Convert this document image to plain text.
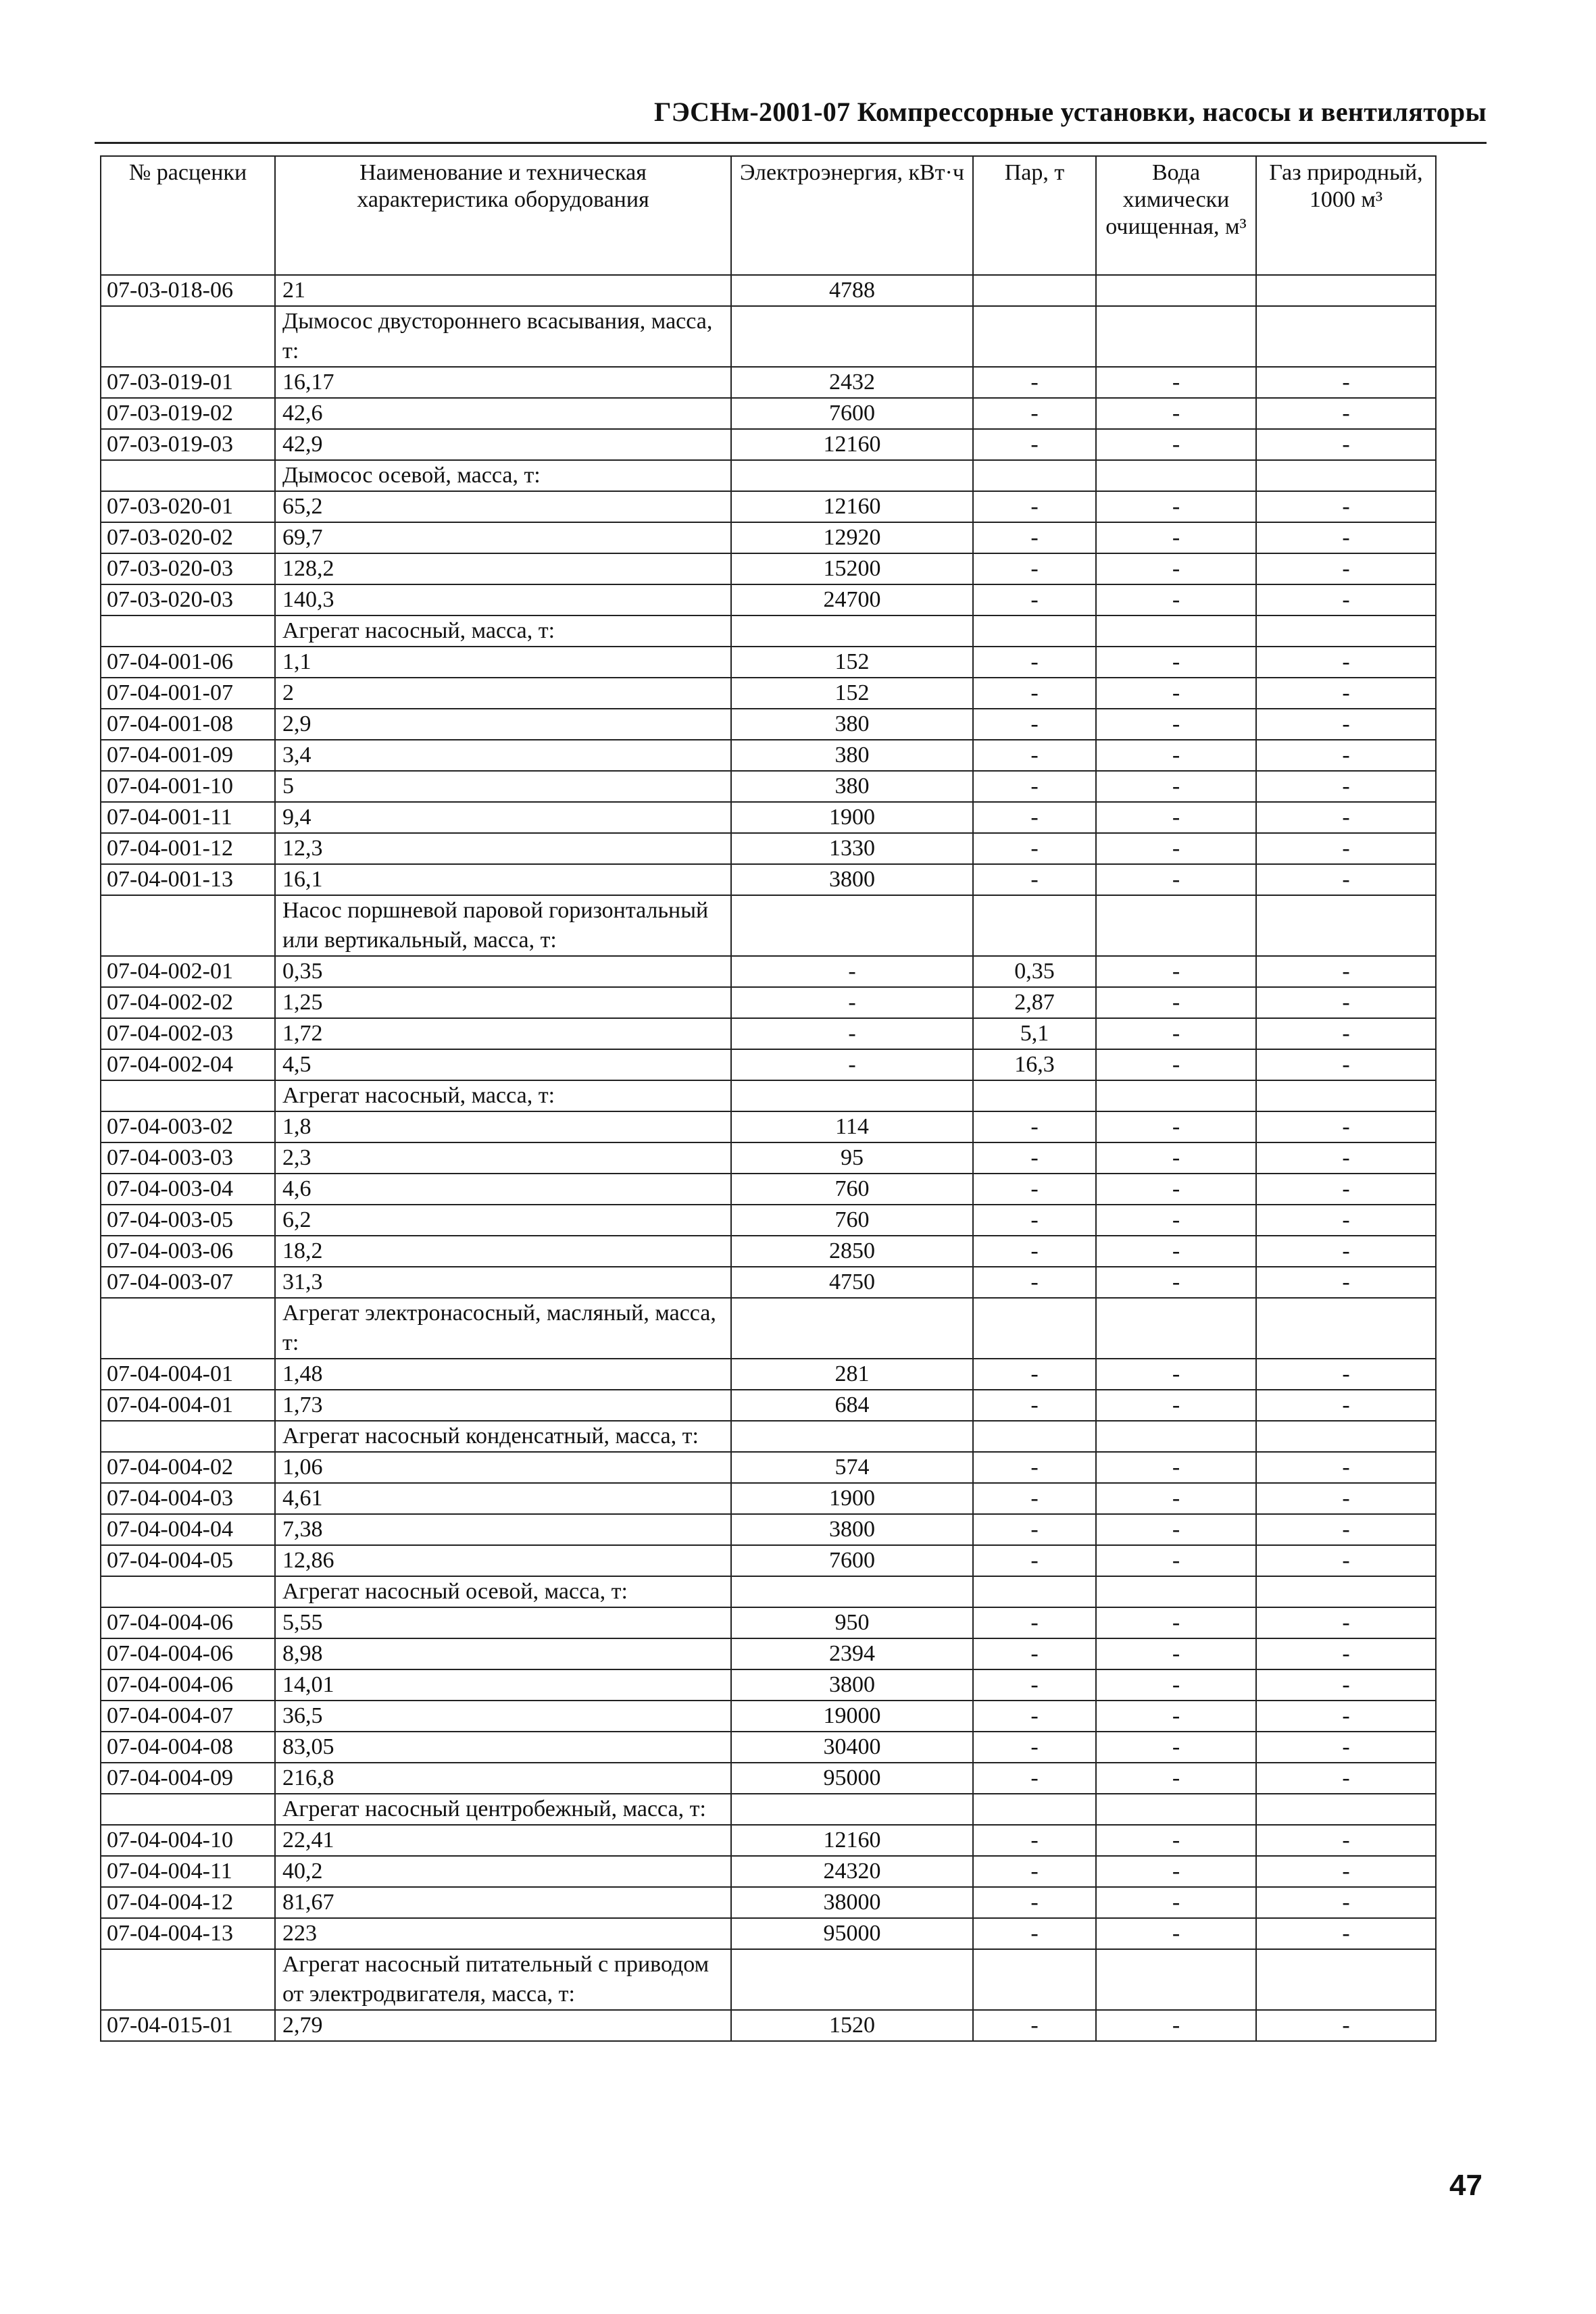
ГЭСНм-2001-07 Компрессорные установки, насосы и вентиляторы
№ расценки	Наименование и техническая характеристика оборудования	Электроэнергия, кВт·ч	Пар, т	Вода химически очищенная, м³	Газ природный, 1000 м³
07-03-018-06	21	4788			
	Дымосос двустороннего всасывания, масса, т:				
07-03-019-01	16,17	2432	-	-	-
07-03-019-02	42,6	7600	-	-	-
07-03-019-03	42,9	12160	-	-	-
	Дымосос осевой, масса, т:				
07-03-020-01	65,2	12160	-	-	-
07-03-020-02	69,7	12920	-	-	-
07-03-020-03	128,2	15200	-	-	-
07-03-020-03	140,3	24700	-	-	-
	Агрегат насосный, масса, т:				
07-04-001-06	1,1	152	-	-	-
07-04-001-07	2	152	-	-	-
07-04-001-08	2,9	380	-	-	-
07-04-001-09	3,4	380	-	-	-
07-04-001-10	5	380	-	-	-
07-04-001-11	9,4	1900	-	-	-
07-04-001-12	12,3	1330	-	-	-
07-04-001-13	16,1	3800	-	-	-
	Насос поршневой паровой горизонтальный или вертикальный, масса, т:				
07-04-002-01	0,35	-	0,35	-	-
07-04-002-02	1,25	-	2,87	-	-
07-04-002-03	1,72	-	5,1	-	-
07-04-002-04	4,5	-	16,3	-	-
	Агрегат насосный, масса, т:				
07-04-003-02	1,8	114	-	-	-
07-04-003-03	2,3	95	-	-	-
07-04-003-04	4,6	760	-	-	-
07-04-003-05	6,2	760	-	-	-
07-04-003-06	18,2	2850	-	-	-
07-04-003-07	31,3	4750	-	-	-
	Агрегат электронасосный, масляный, масса, т:				
07-04-004-01	1,48	281	-	-	-
07-04-004-01	1,73	684	-	-	-
	Агрегат насосный конденсатный, масса, т:				
07-04-004-02	1,06	574	-	-	-
07-04-004-03	4,61	1900	-	-	-
07-04-004-04	7,38	3800	-	-	-
07-04-004-05	12,86	7600	-	-	-
	Агрегат насосный осевой, масса, т:				
07-04-004-06	5,55	950	-	-	-
07-04-004-06	8,98	2394	-	-	-
07-04-004-06	14,01	3800	-	-	-
07-04-004-07	36,5	19000	-	-	-
07-04-004-08	83,05	30400	-	-	-
07-04-004-09	216,8	95000	-	-	-
	Агрегат насосный центробежный, масса, т:				
07-04-004-10	22,41	12160	-	-	-
07-04-004-11	40,2	24320	-	-	-
07-04-004-12	81,67	38000	-	-	-
07-04-004-13	223	95000	-	-	-
	Агрегат насосный питательный с приводом от электродвигателя, масса, т:				
07-04-015-01	2,79	1520	-	-	-
47
